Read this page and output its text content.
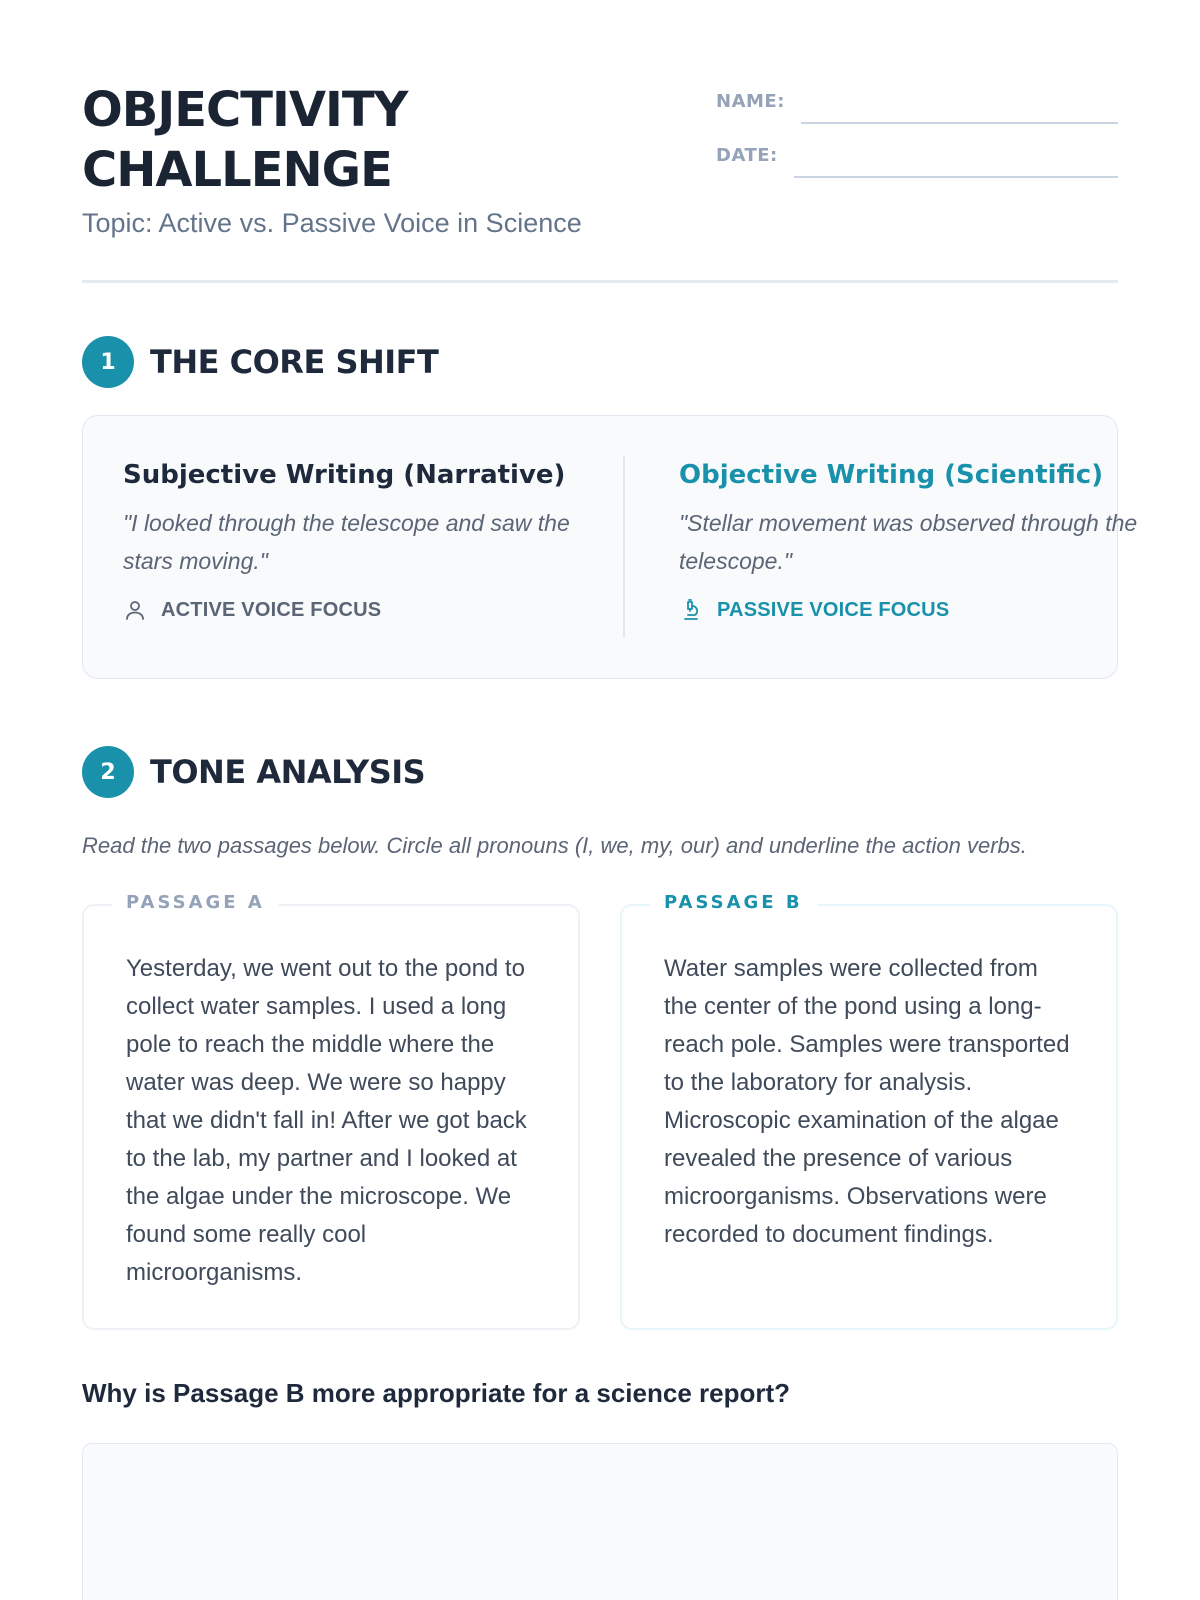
OBJECTIVITY
CHALLENGE
Topic: Active vs. Passive Voice in Science
NAME:
DATE:
1	THE CORE SHIFT
Subjective Writing (Narrative)
"I looked through the telescope and saw the stars moving."
ACTIVE VOICE FOCUS
Objective Writing (Scientific)
"Stellar movement was observed through the telescope."
PASSIVE VOICE FOCUS
2	TONE ANALYSIS
Read the two passages below. Circle all pronouns (I, we, my, our) and underline the action verbs.
PASSAGE A
Yesterday, we went out to the pond to collect water samples. I used a long pole to reach the middle where the water was deep. We were so happy that we didn't fall in! After we got back to the lab, my partner and I looked at the algae under the microscope. We found some really cool microorganisms.
PASSAGE B
Water samples were collected from the center of the pond using a long-reach pole. Samples were transported to the laboratory for analysis. Microscopic examination of the algae revealed the presence of various microorganisms. Observations were recorded to document findings.
Why is Passage B more appropriate for a science report?
